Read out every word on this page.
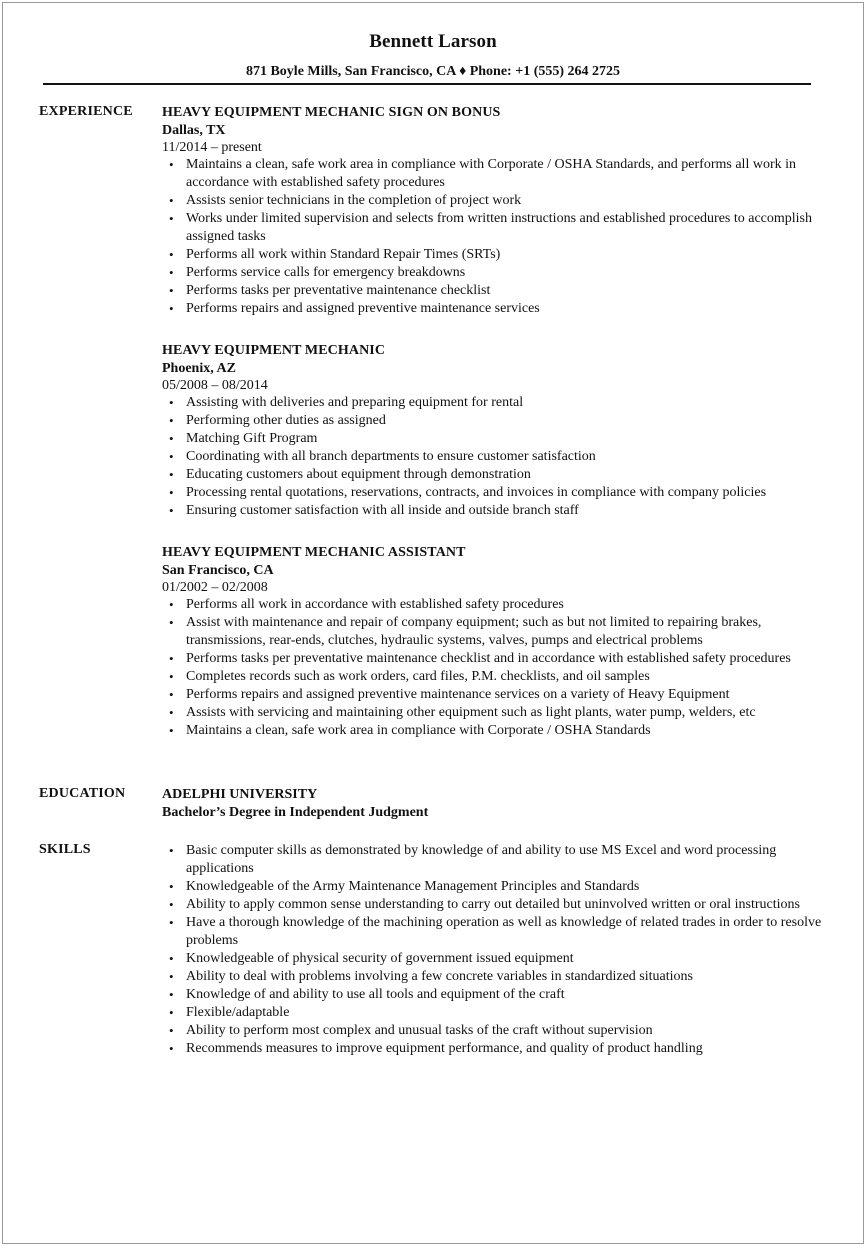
Bennett Larson
871 Boyle Mills, San Francisco, CA ♦ Phone: +1 (555) 264 2725
EXPERIENCE HEAVY EQUIPMENT MECHANIC SIGN ON BONUS
Dallas, TX
11/2014 – present
• Maintains a clean, safe work area in compliance with Corporate / OSHA Standards, and performs all work in accordance with established safety procedures
• Assists senior technicians in the completion of project work
• Works under limited supervision and selects from written instructions and established procedures to accomplish assigned tasks
• Performs all work within Standard Repair Times (SRTs)
• Performs service calls for emergency breakdowns
• Performs tasks per preventative maintenance checklist
• Performs repairs and assigned preventive maintenance services
HEAVY EQUIPMENT MECHANIC
Phoenix, AZ
05/2008 – 08/2014
• Assisting with deliveries and preparing equipment for rental
• Performing other duties as assigned
• Matching Gift Program
• Coordinating with all branch departments to ensure customer satisfaction
• Educating customers about equipment through demonstration
• Processing rental quotations, reservations, contracts, and invoices in compliance with company policies
• Ensuring customer satisfaction with all inside and outside branch staff
HEAVY EQUIPMENT MECHANIC ASSISTANT
San Francisco, CA
01/2002 – 02/2008
• Performs all work in accordance with established safety procedures
• Assist with maintenance and repair of company equipment; such as but not limited to repairing brakes, transmissions, rear-ends, clutches, hydraulic systems, valves, pumps and electrical problems
• Performs tasks per preventative maintenance checklist and in accordance with established safety procedures
• Completes records such as work orders, card files, P.M. checklists, and oil samples
• Performs repairs and assigned preventive maintenance services on a variety of Heavy Equipment
• Assists with servicing and maintaining other equipment such as light plants, water pump, welders, etc
• Maintains a clean, safe work area in compliance with Corporate / OSHA Standards
EDUCATION	ADELPHI UNIVERSITY
Bachelor’s Degree in Independent Judgment
SKILLS
•	Basic computer skills as demonstrated by knowledge of and ability to use MS Excel and word processing applications
• Knowledgeable of the Army Maintenance Management Principles and Standards
• Ability to apply common sense understanding to carry out detailed but uninvolved written or oral instructions
• Have a thorough knowledge of the machining operation as well as knowledge of related trades in order to resolve problems
• Knowledgeable of physical security of government issued equipment
• Ability to deal with problems involving a few concrete variables in standardized situations
• Knowledge of and ability to use all tools and equipment of the craft
• Flexible/adaptable
• Ability to perform most complex and unusual tasks of the craft without supervision
• Recommends measures to improve equipment performance, and quality of product handling
